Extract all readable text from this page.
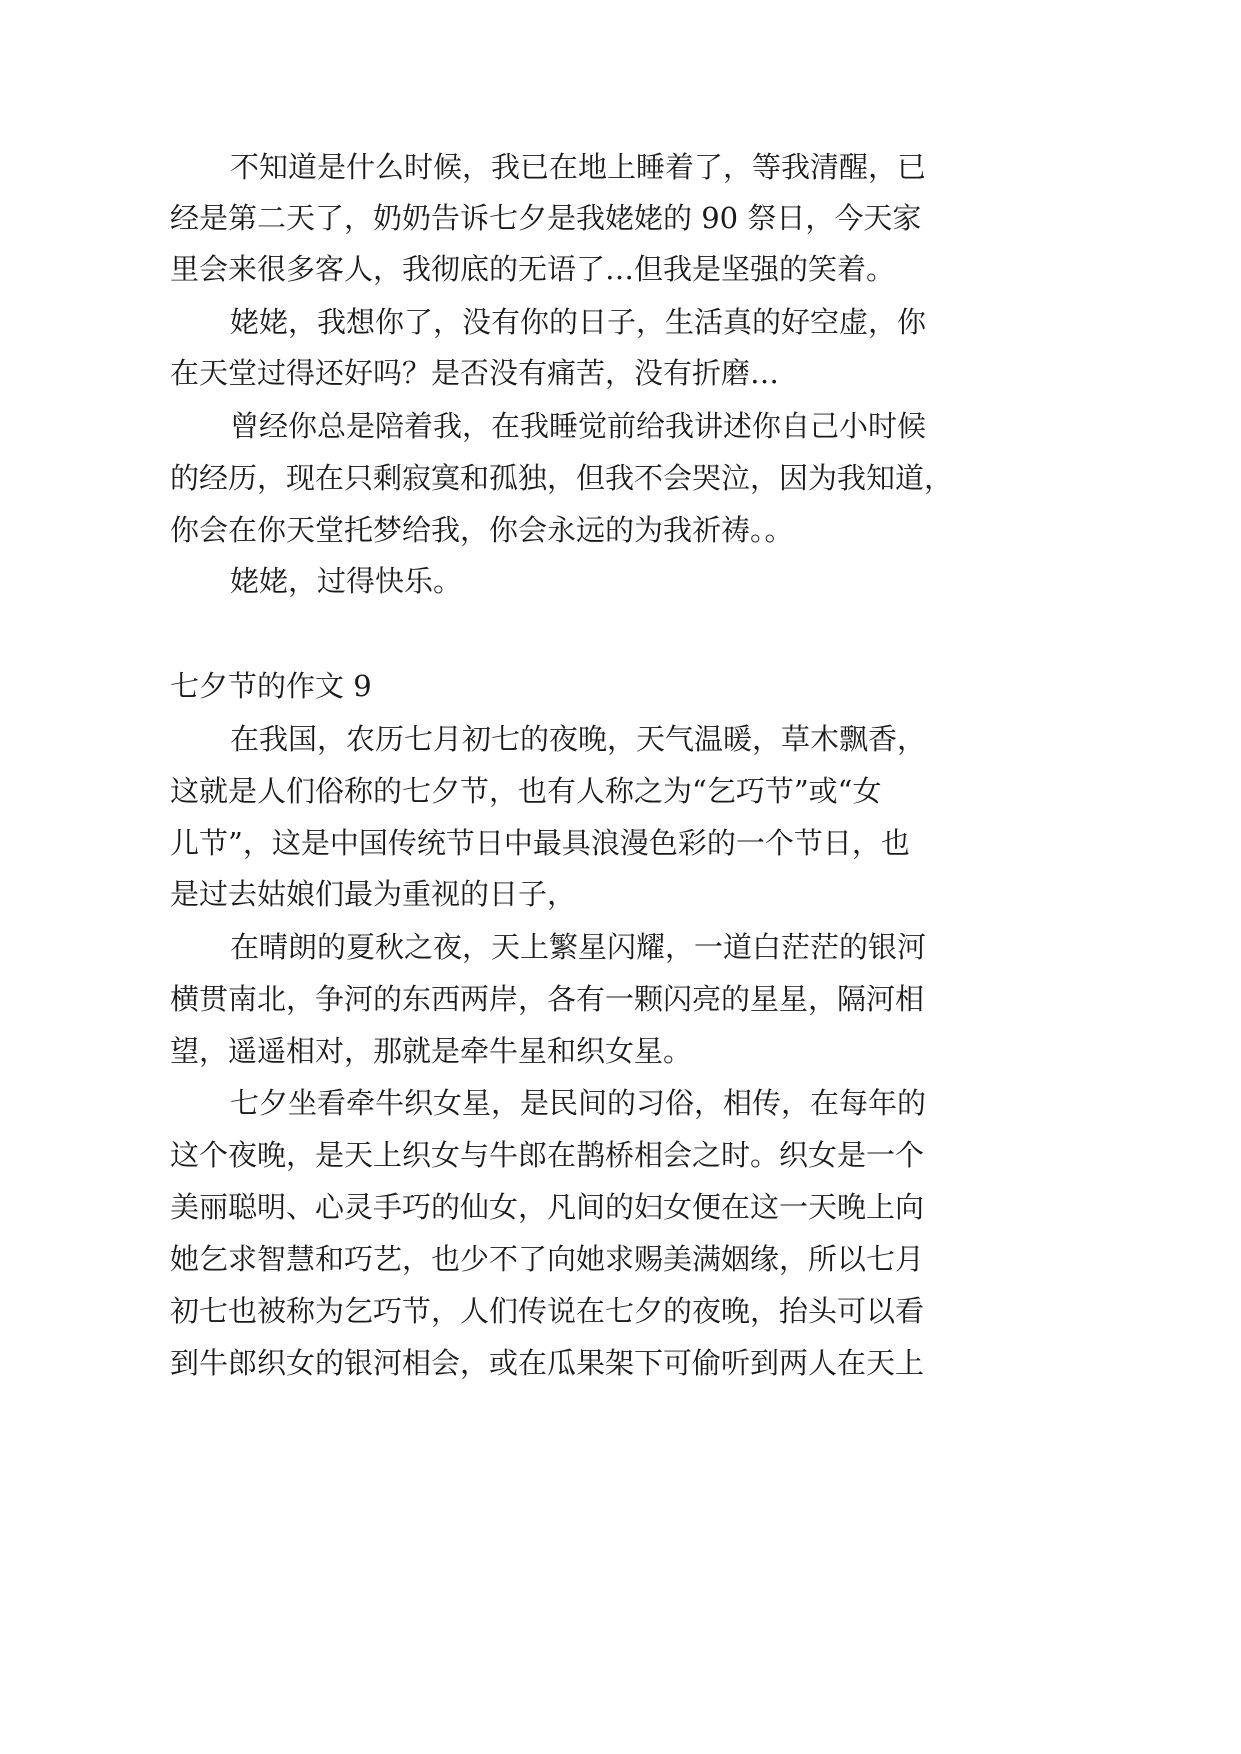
不知道是什么时候，我已在地上睡着了，等我清醒，已

经是第二天了，奶奶告诉七夕是我姥姥的 90 祭日，今天家

里会来很多客人，我彻底的无语了…但我是坚强的笑着。

姥姥，我想你了，没有你的日子，生活真的好空虚，你

在天堂过得还好吗？是否没有痛苦，没有折磨…

曾经你总是陪着我，在我睡觉前给我讲述你自己小时候

的经历，现在只剩寂寞和孤独，但我不会哭泣，因为我知道，

你会在你天堂托梦给我，你会永远的为我祈祷。。

姥姥，过得快乐。

七夕节的作文 9

在我国，农历七月初七的夜晚，天气温暖，草木飘香，

这就是人们俗称的七夕节，也有人称之为“乞巧节”或“女

儿节”，这是中国传统节日中最具浪漫色彩的一个节日，也

是过去姑娘们最为重视的日子，

在晴朗的夏秋之夜，天上繁星闪耀，一道白茫茫的银河

横贯南北，争河的东西两岸，各有一颗闪亮的星星，隔河相

望，遥遥相对，那就是牵牛星和织女星。

七夕坐看牵牛织女星，是民间的习俗，相传，在每年的

这个夜晚，是天上织女与牛郎在鹊桥相会之时。织女是一个

美丽聪明、心灵手巧的仙女，凡间的妇女便在这一天晚上向

她乞求智慧和巧艺，也少不了向她求赐美满姻缘，所以七月

初七也被称为乞巧节，人们传说在七夕的夜晚，抬头可以看

到牛郎织女的银河相会，或在瓜果架下可偷听到两人在天上
